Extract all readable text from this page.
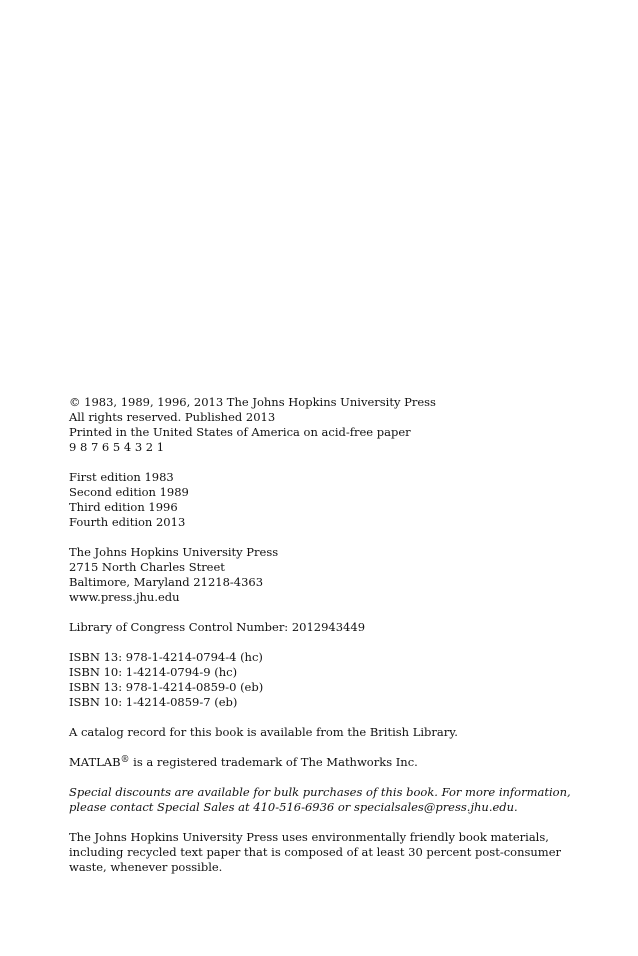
© 1983, 1989, 1996, 2013 The Johns Hopkins University Press
All rights reserved. Published 2013
Printed in the United States of America on acid-free paper
9 8 7 6 5 4 3 2 1
First edition 1983
Second edition 1989
Third edition 1996
Fourth edition 2013
The Johns Hopkins University Press
2715 North Charles Street
Baltimore, Maryland 21218-4363
www.press.jhu.edu
Library of Congress Control Number: 2012943449
ISBN 13: 978-1-4214-0794-4 (hc)
ISBN 10: 1-4214-0794-9 (hc)
ISBN 13: 978-1-4214-0859-0 (eb)
ISBN 10: 1-4214-0859-7 (eb)
A catalog record for this book is available from the British Library.
MATLAB® is a registered trademark of The Mathworks Inc.
Special discounts are available for bulk purchases of this book. For more information, please contact Special Sales at 410-516-6936 or specialsales@press.jhu.edu.
The Johns Hopkins University Press uses environmentally friendly book materials, including recycled text paper that is composed of at least 30 percent post-consumer waste, whenever possible.
